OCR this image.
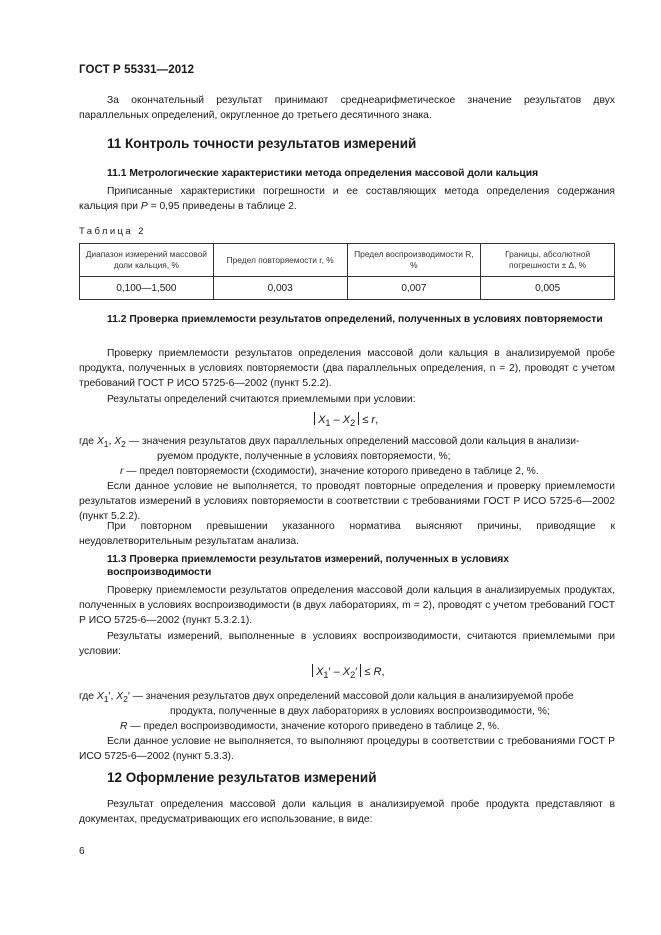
ГОСТ Р 55331—2012
За окончательный результат принимают среднеарифметическое значение результатов двух параллельных определений, округленное до третьего десятичного знака.
11 Контроль точности результатов измерений
11.1 Метрологические характеристики метода определения массовой доли кальция
Приписанные характеристики погрешности и ее составляющих метода определения содержания кальция при P = 0,95 приведены в таблице 2.
Таблица 2
Диапазон измерений массовой доли кальция, %	Предел повторяемости r, %	Предел воспроизводимости R, %	Границы, абсолютной погрешности ± Δ, %
0,100—1,500	0,003	0,007	0,005
11.2 Проверка приемлемости результатов определений, полученных в условиях повторяемости
Проверку приемлемости результатов определения массовой доли кальция в анализируемой пробе продукта, полученных в условиях повторяемости (два параллельных определения, n = 2), проводят с учетом требований ГОСТ Р ИСО 5725-6—2002 (пункт 5.2.2).
Результаты определений считаются приемлемыми при условии:
$X_1 - X_2 \le r$,
где $X_1$, $X_2$ — значения результатов двух параллельных определений массовой доли кальция в анализи-
руемом продукте, полученные в условиях повторяемости, %;
r — предел повторяемости (сходимости), значение которого приведено в таблице 2, %.
Если данное условие не выполняется, то проводят повторные определения и проверку приемлемости результатов измерений в условиях повторяемости в соответствии с требованиями ГОСТ Р ИСО 5725-6—2002 (пункт 5.2.2).
При повторном превышении указанного норматива выясняют причины, приводящие к неудовлетворительным результатам анализа.
11.3 Проверка приемлемости результатов измерений, полученных в условиях воспроизводимости
Проверку приемлемости результатов определения массовой доли кальция в анализируемых продуктах, полученных в условиях воспроизводимости (в двух лабораториях, m = 2), проводят с учетом требований ГОСТ Р ИСО 5725-6—2002 (пункт 5.3.2.1).
Результаты измерений, выполненные в условиях воспроизводимости, считаются приемлемыми при условии:
$X_1' - X_2' \le R$,
где $X_1'$, $X_2'$ — значения результатов двух определений массовой доли кальция в анализируемой пробе
продукта, полученные в двух лабораториях в условиях воспроизводимости, %;
R — предел воспроизводимости, значение которого приведено в таблице 2, %.
Если данное условие не выполняется, то выполняют процедуры в соответствии с требованиями ГОСТ Р ИСО 5725-6—2002 (пункт 5.3.3).
12 Оформление результатов измерений
Результат определения массовой доли кальция в анализируемой пробе продукта представляют в документах, предусматривающих его использование, в виде:
6
